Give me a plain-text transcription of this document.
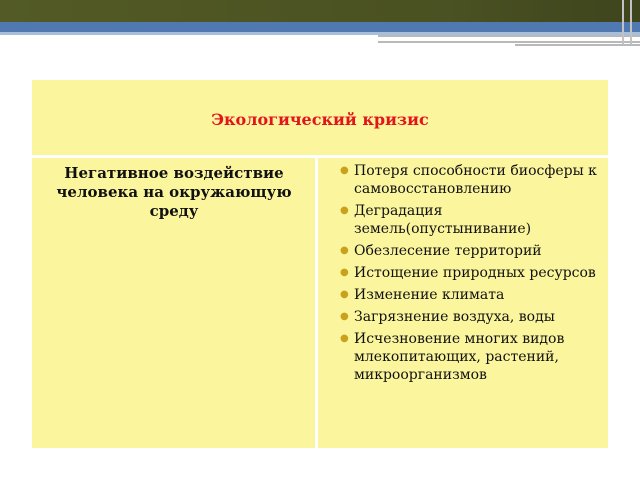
Экологический кризис
Негативное воздействие человека на окружающую среду
● Потеря способности биосферы к самовосстановлению
● Деградация земель(опустынивание)
● Обезлесение территорий
● Истощение природных ресурсов
● Изменение климата
● Загрязнение воздуха, воды
● Исчезновение многих видов млекопитающих, растений, микроорганизмов
